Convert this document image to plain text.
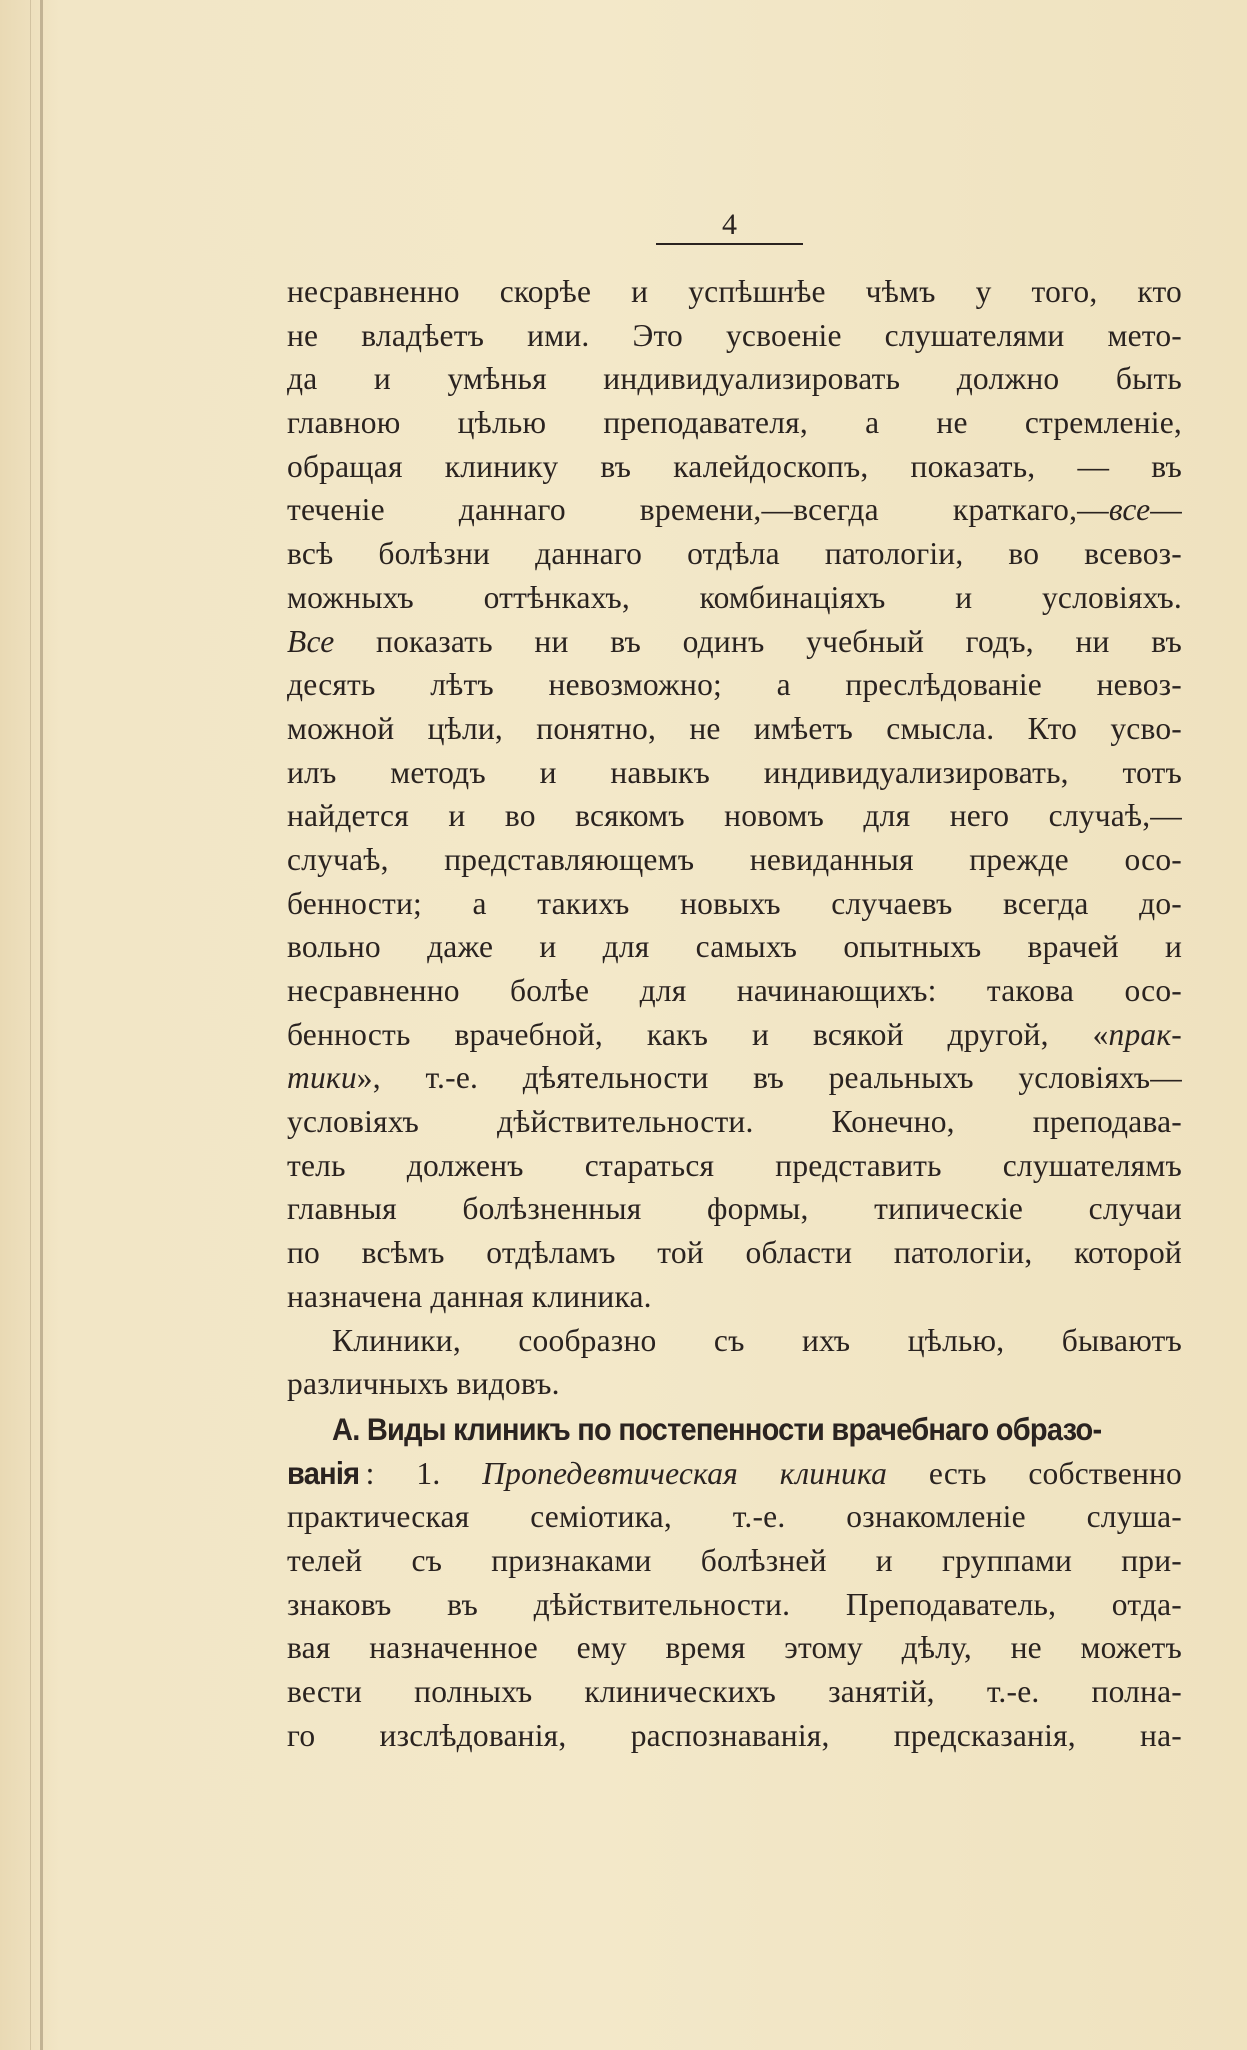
4
несравненно скорѣе и успѣшнѣе чѣмъ у того, кто
не владѣетъ ими. Это усвоеніе слушателями мето-
да и умѣнья индивидуализировать должно быть
главною цѣлью преподавателя, а не стремленіе,
обращая клинику въ калейдоскопъ, показать, — въ
теченіе даннаго времени,—всегда краткаго,—все—
всѣ болѣзни даннаго отдѣла патологіи, во всевоз-
можныхъ оттѣнкахъ, комбинаціяхъ и условіяхъ.
Все показать ни въ одинъ учебный годъ, ни въ
десять лѣтъ невозможно; а преслѣдованіе невоз-
можной цѣли, понятно, не имѣетъ смысла. Кто усво-
илъ методъ и навыкъ индивидуализировать, тотъ
найдется и во всякомъ новомъ для него случаѣ,—
случаѣ, представляющемъ невиданныя прежде осо-
бенности; а такихъ новыхъ случаевъ всегда до-
вольно даже и для самыхъ опытныхъ врачей и
несравненно болѣе для начинающихъ: такова осо-
бенность врачебной, какъ и всякой другой, «прак-
тики», т.-е. дѣятельности въ реальныхъ условіяхъ—
условіяхъ дѣйствительности. Конечно, преподава-
тель долженъ стараться представить слушателямъ
главныя болѣзненныя формы, типическіе случаи
по всѣмъ отдѣламъ той области патологіи, которой
назначена данная клиника.
Клиники, сообразно съ ихъ цѣлью, бываютъ
различныхъ видовъ.
А. Виды клиникъ по постепенности врачебнаго образо-
ванія : 1. Пропедевтическая клиника есть собственно
практическая семіотика, т.-е. ознакомленіе слуша-
телей съ признаками болѣзней и группами при-
знаковъ въ дѣйствительности. Преподаватель, отда-
вая назначенное ему время этому дѣлу, не можетъ
вести полныхъ клиническихъ занятій, т.-е. полна-
го изслѣдованія, распознаванія, предсказанія, на-
